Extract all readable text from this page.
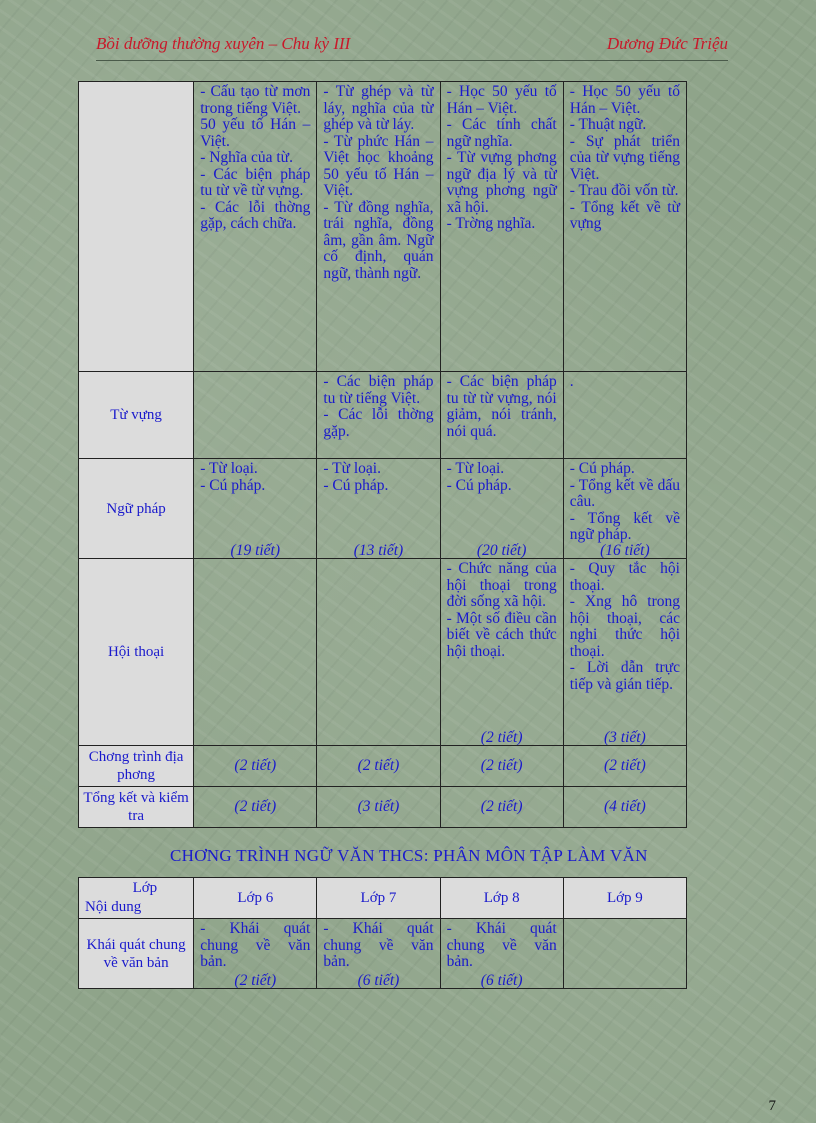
Bồi dưỡng thường xuyên – Chu kỳ III	Dương Đức Triệu

	- Cấu tạo từ mơn trong tiếng Việt.
50 yếu tố Hán – Việt.
- Nghĩa của từ.
- Các biện pháp tu từ về từ vựng.
- Các lỗi thờng gặp, cách chữa.	- Từ ghép và từ láy, nghĩa của từ ghép và từ láy.
- Từ phức Hán – Việt học khoảng 50 yếu tố Hán – Việt.
- Từ đồng nghĩa, trái nghĩa, đồng âm, gần âm. Ngữ cố định, quán ngữ, thành ngữ.	- Học 50 yếu tố Hán – Việt.
- Các tính chất ngữ nghĩa.
- Từ vựng phơng ngữ địa lý và từ vựng phơng ngữ xã hội.
- Trờng nghĩa.	- Học 50 yếu tố Hán – Việt.
- Thuật ngữ.
- Sự phát triển của từ vựng tiếng Việt.
- Trau đồi vốn từ.
- Tổng kết về từ vựng

Từ vựng		- Các biện pháp tu từ tiếng Việt.
- Các lỗi thờng gặp.	- Các biện pháp tu từ từ vựng, nói giảm, nói tránh, nói quá.	.

Ngữ pháp	- Từ loại.
- Cú pháp.
(19 tiết)	- Từ loại.
- Cú pháp.
(13 tiết)	- Từ loại.
- Cú pháp.
(20 tiết)	- Cú pháp.
- Tổng kết về dấu câu.
- Tổng kết về ngữ pháp.
(16 tiết)

Hội thoại			- Chức năng của hội thoại trong đời sống xã hội.
- Một số điều cần biết về cách thức hội thoại.
(2 tiết)	- Quy tắc hội thoại.
- Xng hô trong hội thoại, các nghi thức hội thoại.
- Lời dẫn trực tiếp và gián tiếp.
(3 tiết)

Chơng trình địa phơng	(2 tiết)	(2 tiết)	(2 tiết)	(2 tiết)
Tổng kết và kiểm tra	(2 tiết)	(3 tiết)	(2 tiết)	(4 tiết)
CHƠNG TRÌNH NGỮ VĂN THCS: PHÂN MÔN TẬP LÀM VĂN
Lớp
Nội dung	Lớp 6	Lớp 7	Lớp 8	Lớp 9
Khái quát chung về văn bản	- Khái quát chung về văn bản.
(2 tiết)	- Khái quát chung về văn bản.
(6 tiết)	- Khái quát chung về văn bản.
(6 tiết)	

7
